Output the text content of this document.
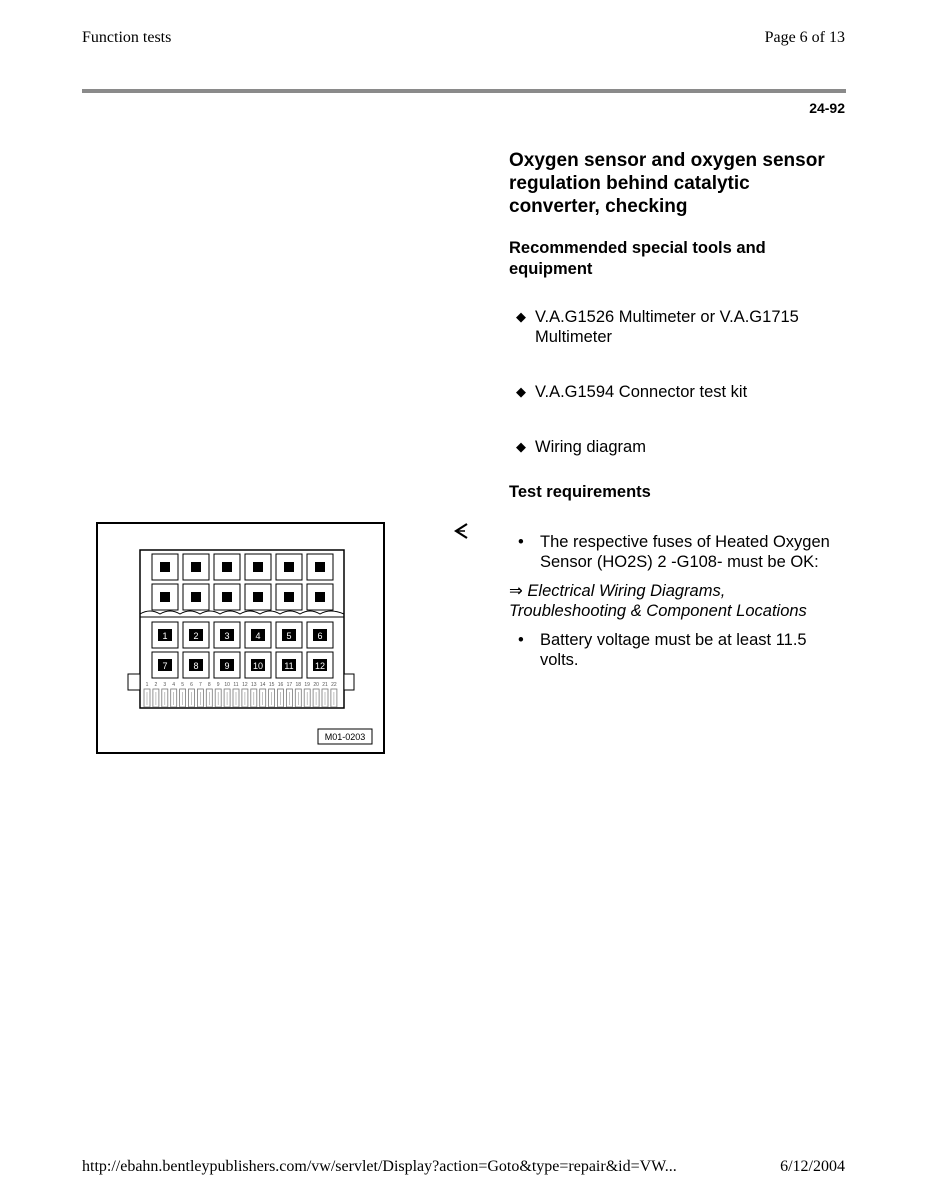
Function tests	Page 6 of 13
24-92
Oxygen sensor and oxygen sensor regulation behind catalytic converter, checking
Recommended special tools and equipment
◆ V.A.G1526 Multimeter or V.A.G1715 Multimeter
◆ V.A.G1594 Connector test kit
◆ Wiring diagram
Test requirements
• The respective fuses of Heated Oxygen Sensor (HO2S) 2 -G108- must be OK:
⇒ Electrical Wiring Diagrams, Troubleshooting & Component Locations
• Battery voltage must be at least 11.5 volts.
1	2	3	4	5	6
7	8	9	10 11 12
1 2 3 4 5 6 7 8 9 10 11 12 13 14 15 16 17 18 19 20 21 22
M01-0203
http://ebahn.bentleypublishers.com/vw/servlet/Display?action=Goto&type=repair&id=VW...	6/12/2004
